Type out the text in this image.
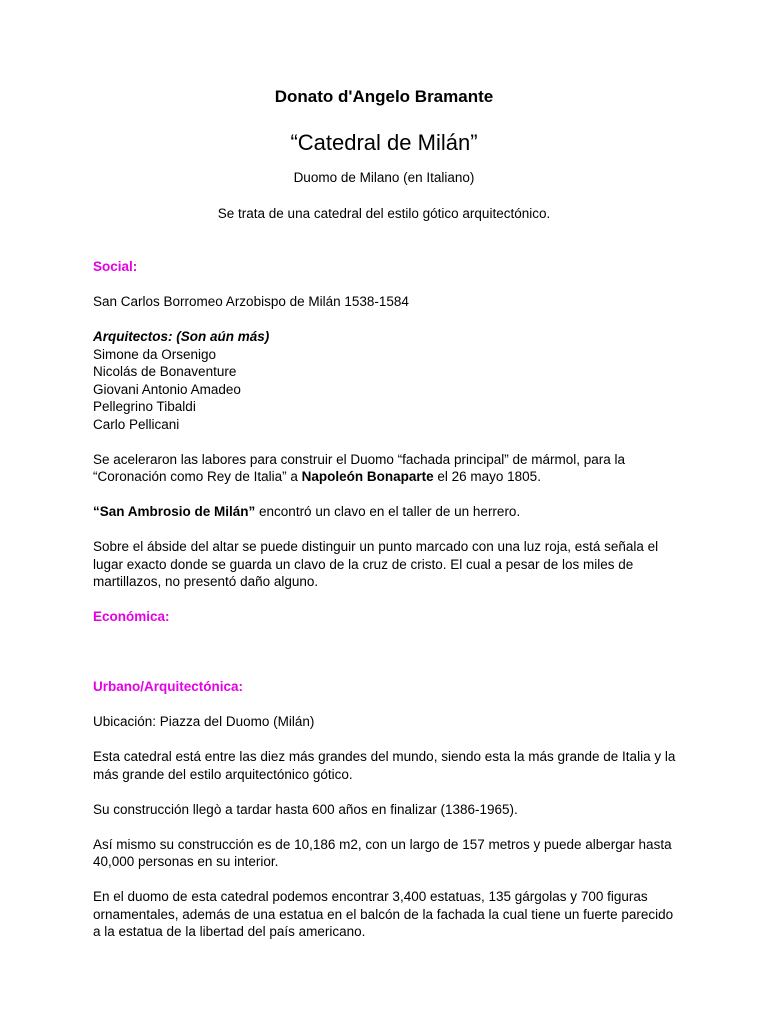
Donato d'Angelo Bramante

“Catedral de Milán”

Duomo de Milano (en Italiano)

Se trata de una catedral del estilo gótico arquitectónico.

Social:

San Carlos Borromeo Arzobispo de Milán 1538-1584

Arquitectos: (Son aún más)
Simone da Orsenigo
Nicolás de Bonaventure
Giovani Antonio Amadeo
Pellegrino Tibaldi
Carlo Pellicani

Se aceleraron las labores para construir el Duomo “fachada principal” de mármol, para la “Coronación como Rey de Italia” a Napoleón Bonaparte el 26 mayo 1805.

“San Ambrosio de Milán” encontró un clavo en el taller de un herrero.

Sobre el ábside del altar se puede distinguir un punto marcado con una luz roja, está señala el lugar exacto donde se guarda un clavo de la cruz de cristo. El cual a pesar de los miles de martillazos, no presentó daño alguno.

Económica:

Urbano/Arquitectónica:

Ubicación: Piazza del Duomo (Milán)

Esta catedral está entre las diez más grandes del mundo, siendo esta la más grande de Italia y la más grande del estilo arquitectónico gótico.

Su construcción llegò a tardar hasta 600 años en finalizar (1386-1965).

Así mismo su construcción es de 10,186 m2, con un largo de 157 metros y puede albergar hasta 40,000 personas en su interior.

En el duomo de esta catedral podemos encontrar 3,400 estatuas, 135 gárgolas y 700 figuras ornamentales, además de una estatua en el balcón de la fachada la cual tiene un fuerte parecido a la estatua de la libertad del país americano.
